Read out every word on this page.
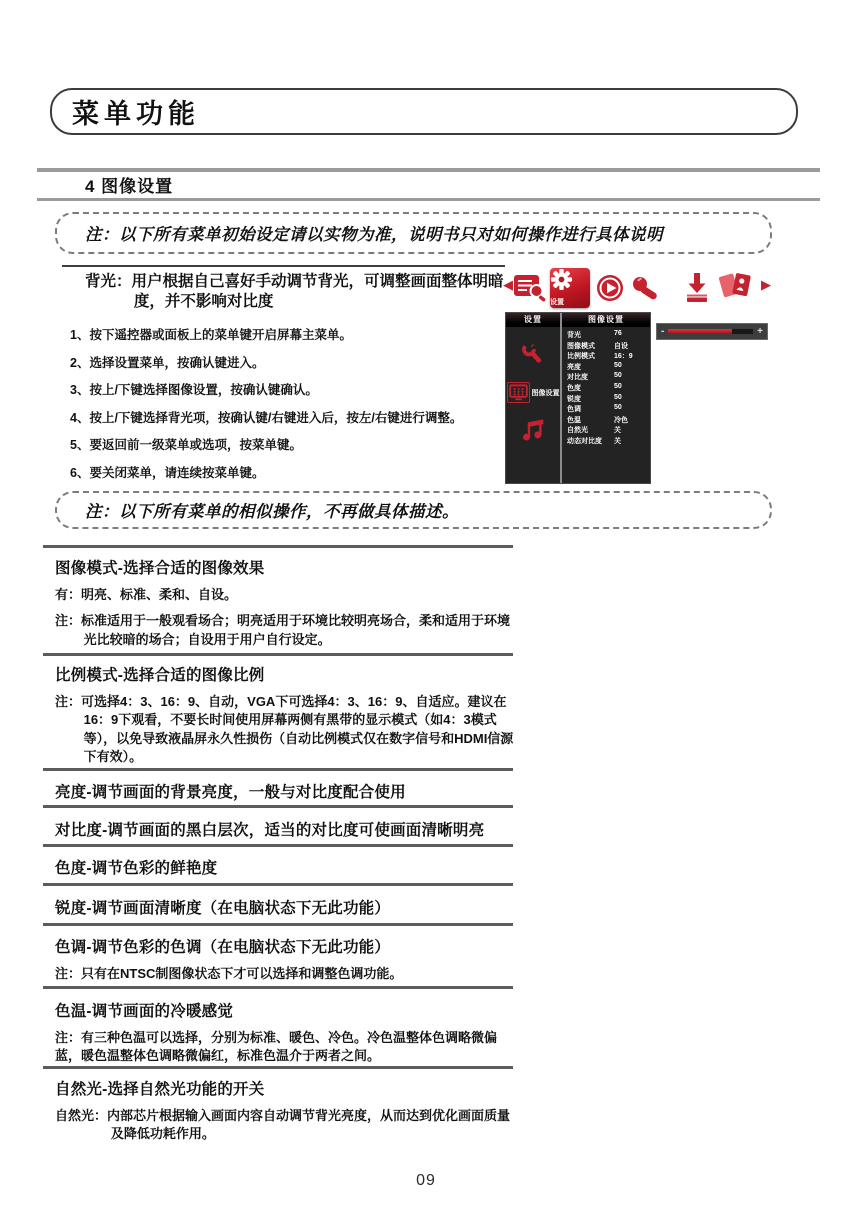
菜单功能
4 图像设置
注：以下所有菜单初始设定请以实物为准，说明书只对如何操作进行具体说明
背光：用户根据自己喜好手动调节背光，可调整画面整体明暗度，并不影响对比度
1、按下遥控器或面板上的菜单键开启屏幕主菜单。
2、选择设置菜单，按确认键进入。
3、按上/下键选择图像设置，按确认键确认。
4、按上/下键选择背光项，按确认键/右键进入后，按左/右键进行调整。
5、要返回前一级菜单或选项，按菜单键。
6、要关闭菜单，请连续按菜单键。
◀
设置
▶
设置
图像设置
图像设置
背光	76
图像模式	自设
比例模式	16：9
亮度	50
对比度	50
色度	50
锐度	50
色调	50
色温	冷色
自然光	关
动态对比度 关
-	+
注：以下所有菜单的相似操作，不再做具体描述。
图像模式-选择合适的图像效果

有：明亮、标准、柔和、自设。

注：标准适用于一般观看场合；明亮适用于环境比较明亮场合，柔和适用于环境光比较暗的场合；自设用于用户自行设定。

比例模式-选择合适的图像比例

注：可选择4：3、16：9、自动，VGA下可选择4：3、16：9、自适应。建议在16：9下观看，不要长时间使用屏幕两侧有黑带的显示模式（如4：3模式等），以免导致液晶屏永久性损伤（自动比例模式仅在数字信号和HDMI信源下有效）。

亮度-调节画面的背景亮度，一般与对比度配合使用
对比度-调节画面的黑白层次，适当的对比度可使画面清晰明亮
色度-调节色彩的鲜艳度
锐度-调节画面清晰度（在电脑状态下无此功能）
色调-调节色彩的色调（在电脑状态下无此功能）

注：只有在NTSC制图像状态下才可以选择和调整色调功能。

色温-调节画面的冷暖感觉

注：有三种色温可以选择，分别为标准、暖色、冷色。冷色温整体色调略微偏蓝，暖色温整体色调略微偏红，标准色温介于两者之间。

自然光-选择自然光功能的开关

自然光：内部芯片根据输入画面内容自动调节背光亮度，从而达到优化画面质量及降低功耗作用。

09
